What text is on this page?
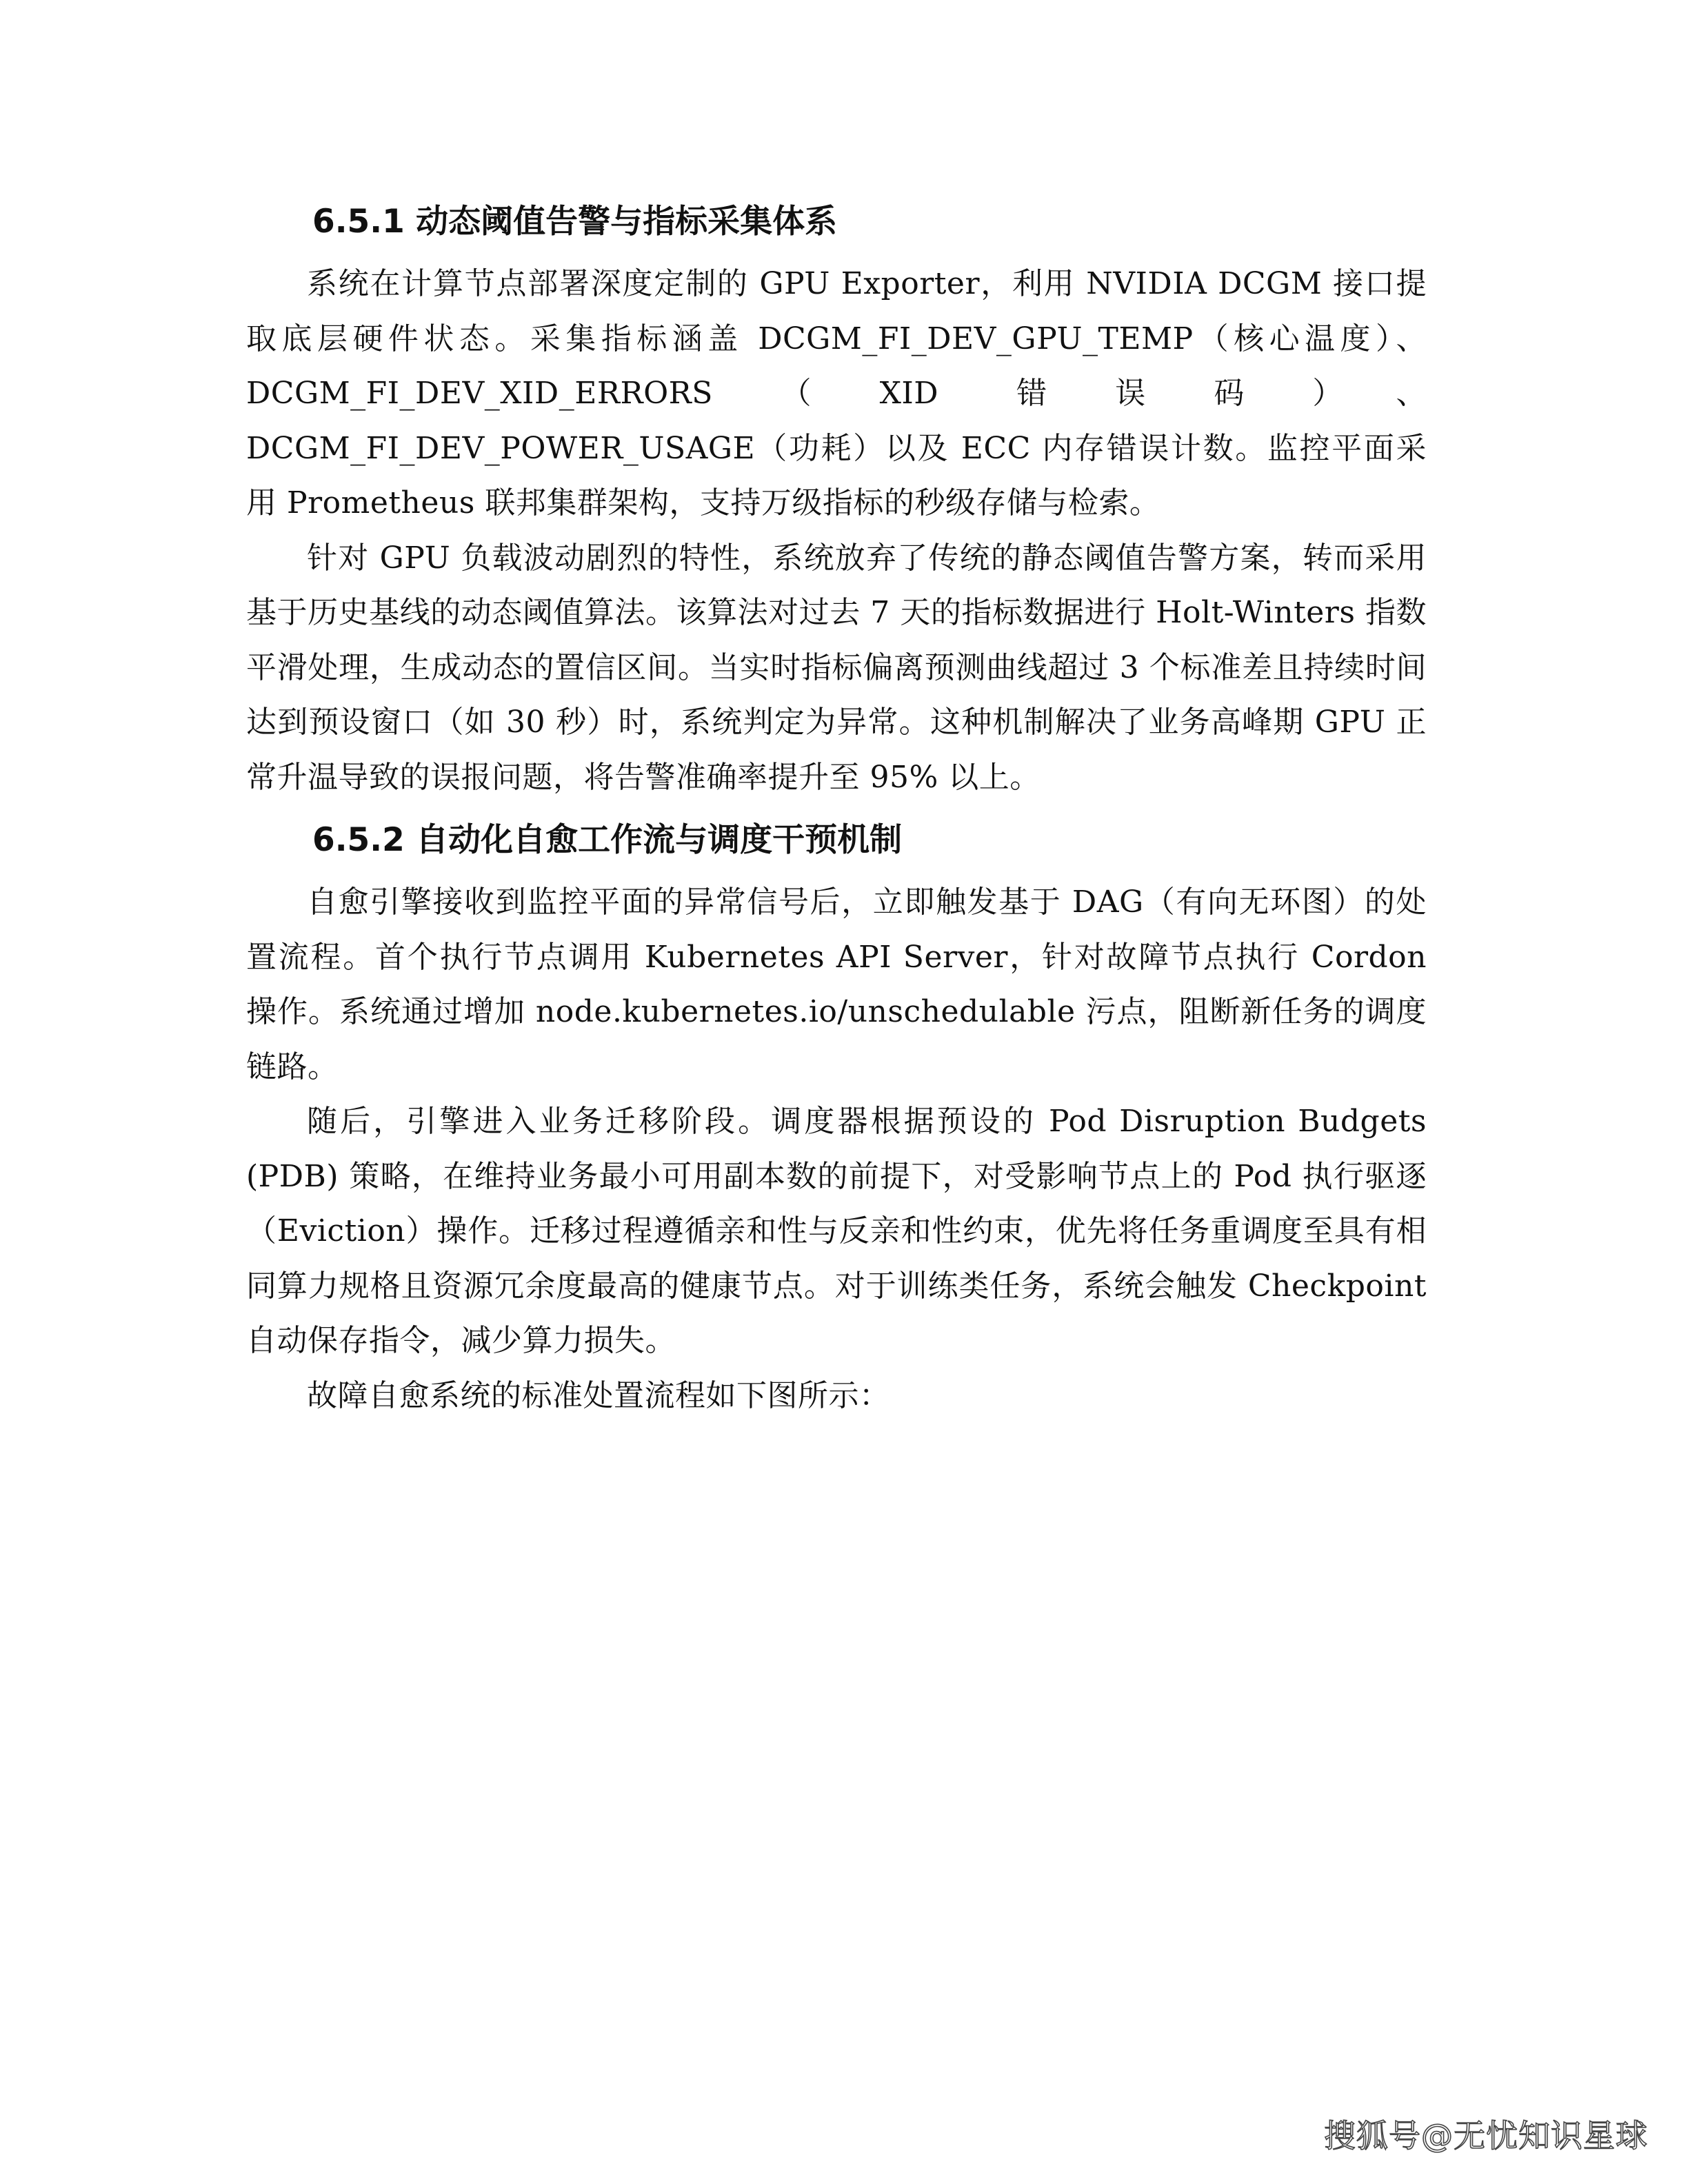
6.5.1 动态阈值告警与指标采集体系

系统在计算节点部署深度定制的 GPU Exporter，利用 NVIDIA DCGM 接口提取底层硬件状态。采集指标涵盖 DCGM_FI_DEV_GPU_TEMP（核心温度）、DCGM_FI_DEV_XID_ERRORS（XID 错误码）、DCGM_FI_DEV_POWER_USAGE（功耗）以及 ECC 内存错误计数。监控平面采用 Prometheus 联邦集群架构，支持万级指标的秒级存储与检索。

针对 GPU 负载波动剧烈的特性，系统放弃了传统的静态阈值告警方案，转而采用基于历史基线的动态阈值算法。该算法对过去 7 天的指标数据进行 Holt-Winters 指数平滑处理，生成动态的置信区间。当实时指标偏离预测曲线超过 3 个标准差且持续时间达到预设窗口（如 30 秒）时，系统判定为异常。这种机制解决了业务高峰期 GPU 正常升温导致的误报问题，将告警准确率提升至 95% 以上。

6.5.2 自动化自愈工作流与调度干预机制

自愈引擎接收到监控平面的异常信号后，立即触发基于 DAG（有向无环图）的处置流程。首个执行节点调用 Kubernetes API Server，针对故障节点执行 Cordon 操作。系统通过增加 node.kubernetes.io/unschedulable 污点，阻断新任务的调度链路。

随后，引擎进入业务迁移阶段。调度器根据预设的 Pod Disruption Budgets (PDB) 策略，在维持业务最小可用副本数的前提下，对受影响节点上的 Pod 执行驱逐（Eviction）操作。迁移过程遵循亲和性与反亲和性约束，优先将任务重调度至具有相同算力规格且资源冗余度最高的健康节点。对于训练类任务，系统会触发 Checkpoint 自动保存指令，减少算力损失。

故障自愈系统的标准处置流程如下图所示：

搜狐号@无忧知识星球
